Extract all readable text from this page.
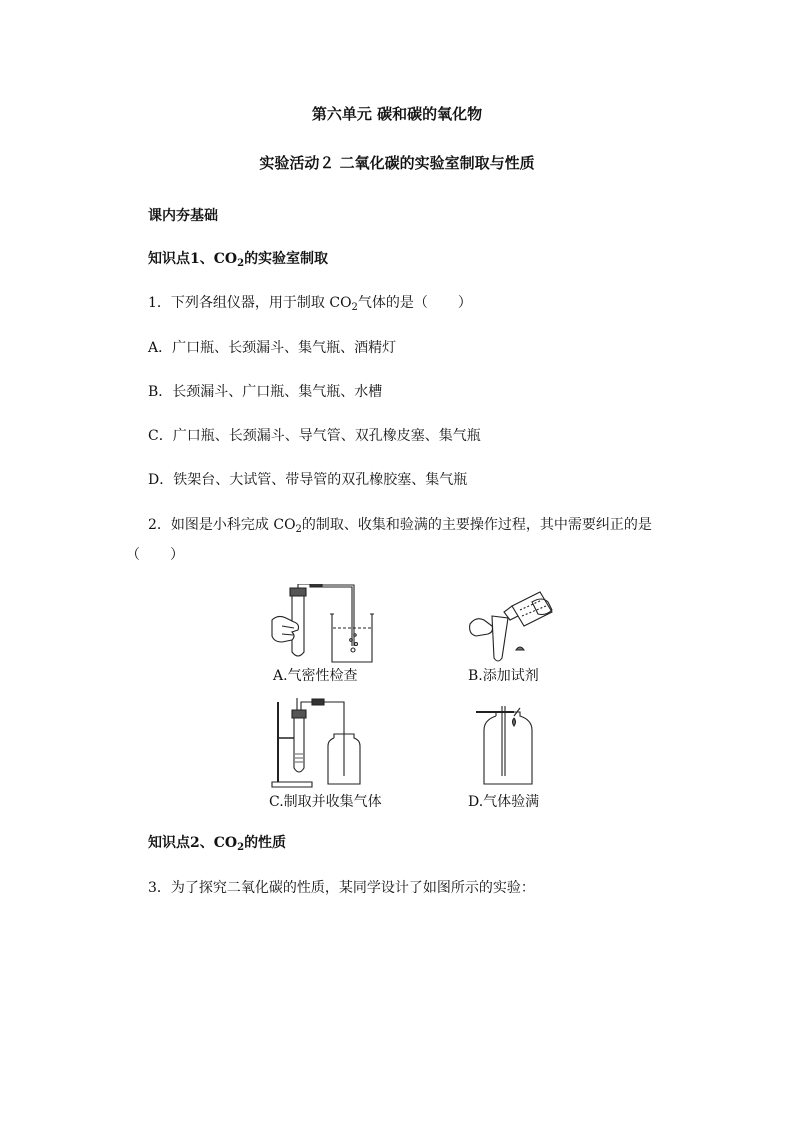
第六单元 碳和碳的氧化物
实验活动２ 二氧化碳的实验室制取与性质
课内夯基础
知识点1、$CO_2$的实验室制取
1．下列各组仪器，用于制取 $CO_2$气体的是（ ）
A．广口瓶、长颈漏斗、集气瓶、酒精灯
B．长颈漏斗、广口瓶、集气瓶、水槽
C．广口瓶、长颈漏斗、导气管、双孔橡皮塞、集气瓶
D．铁架台、大试管、带导管的双孔橡胶塞、集气瓶
2．如图是小科完成 $CO_2$的制取、收集和验满的主要操作过程，其中需要纠正的是
（ ）
A.气密性检查	B.添加试剂
C.制取并收集气体	D.气体验满
知识点2、$CO_2$的性质
3．为了探究二氧化碳的性质，某同学设计了如图所示的实验：
